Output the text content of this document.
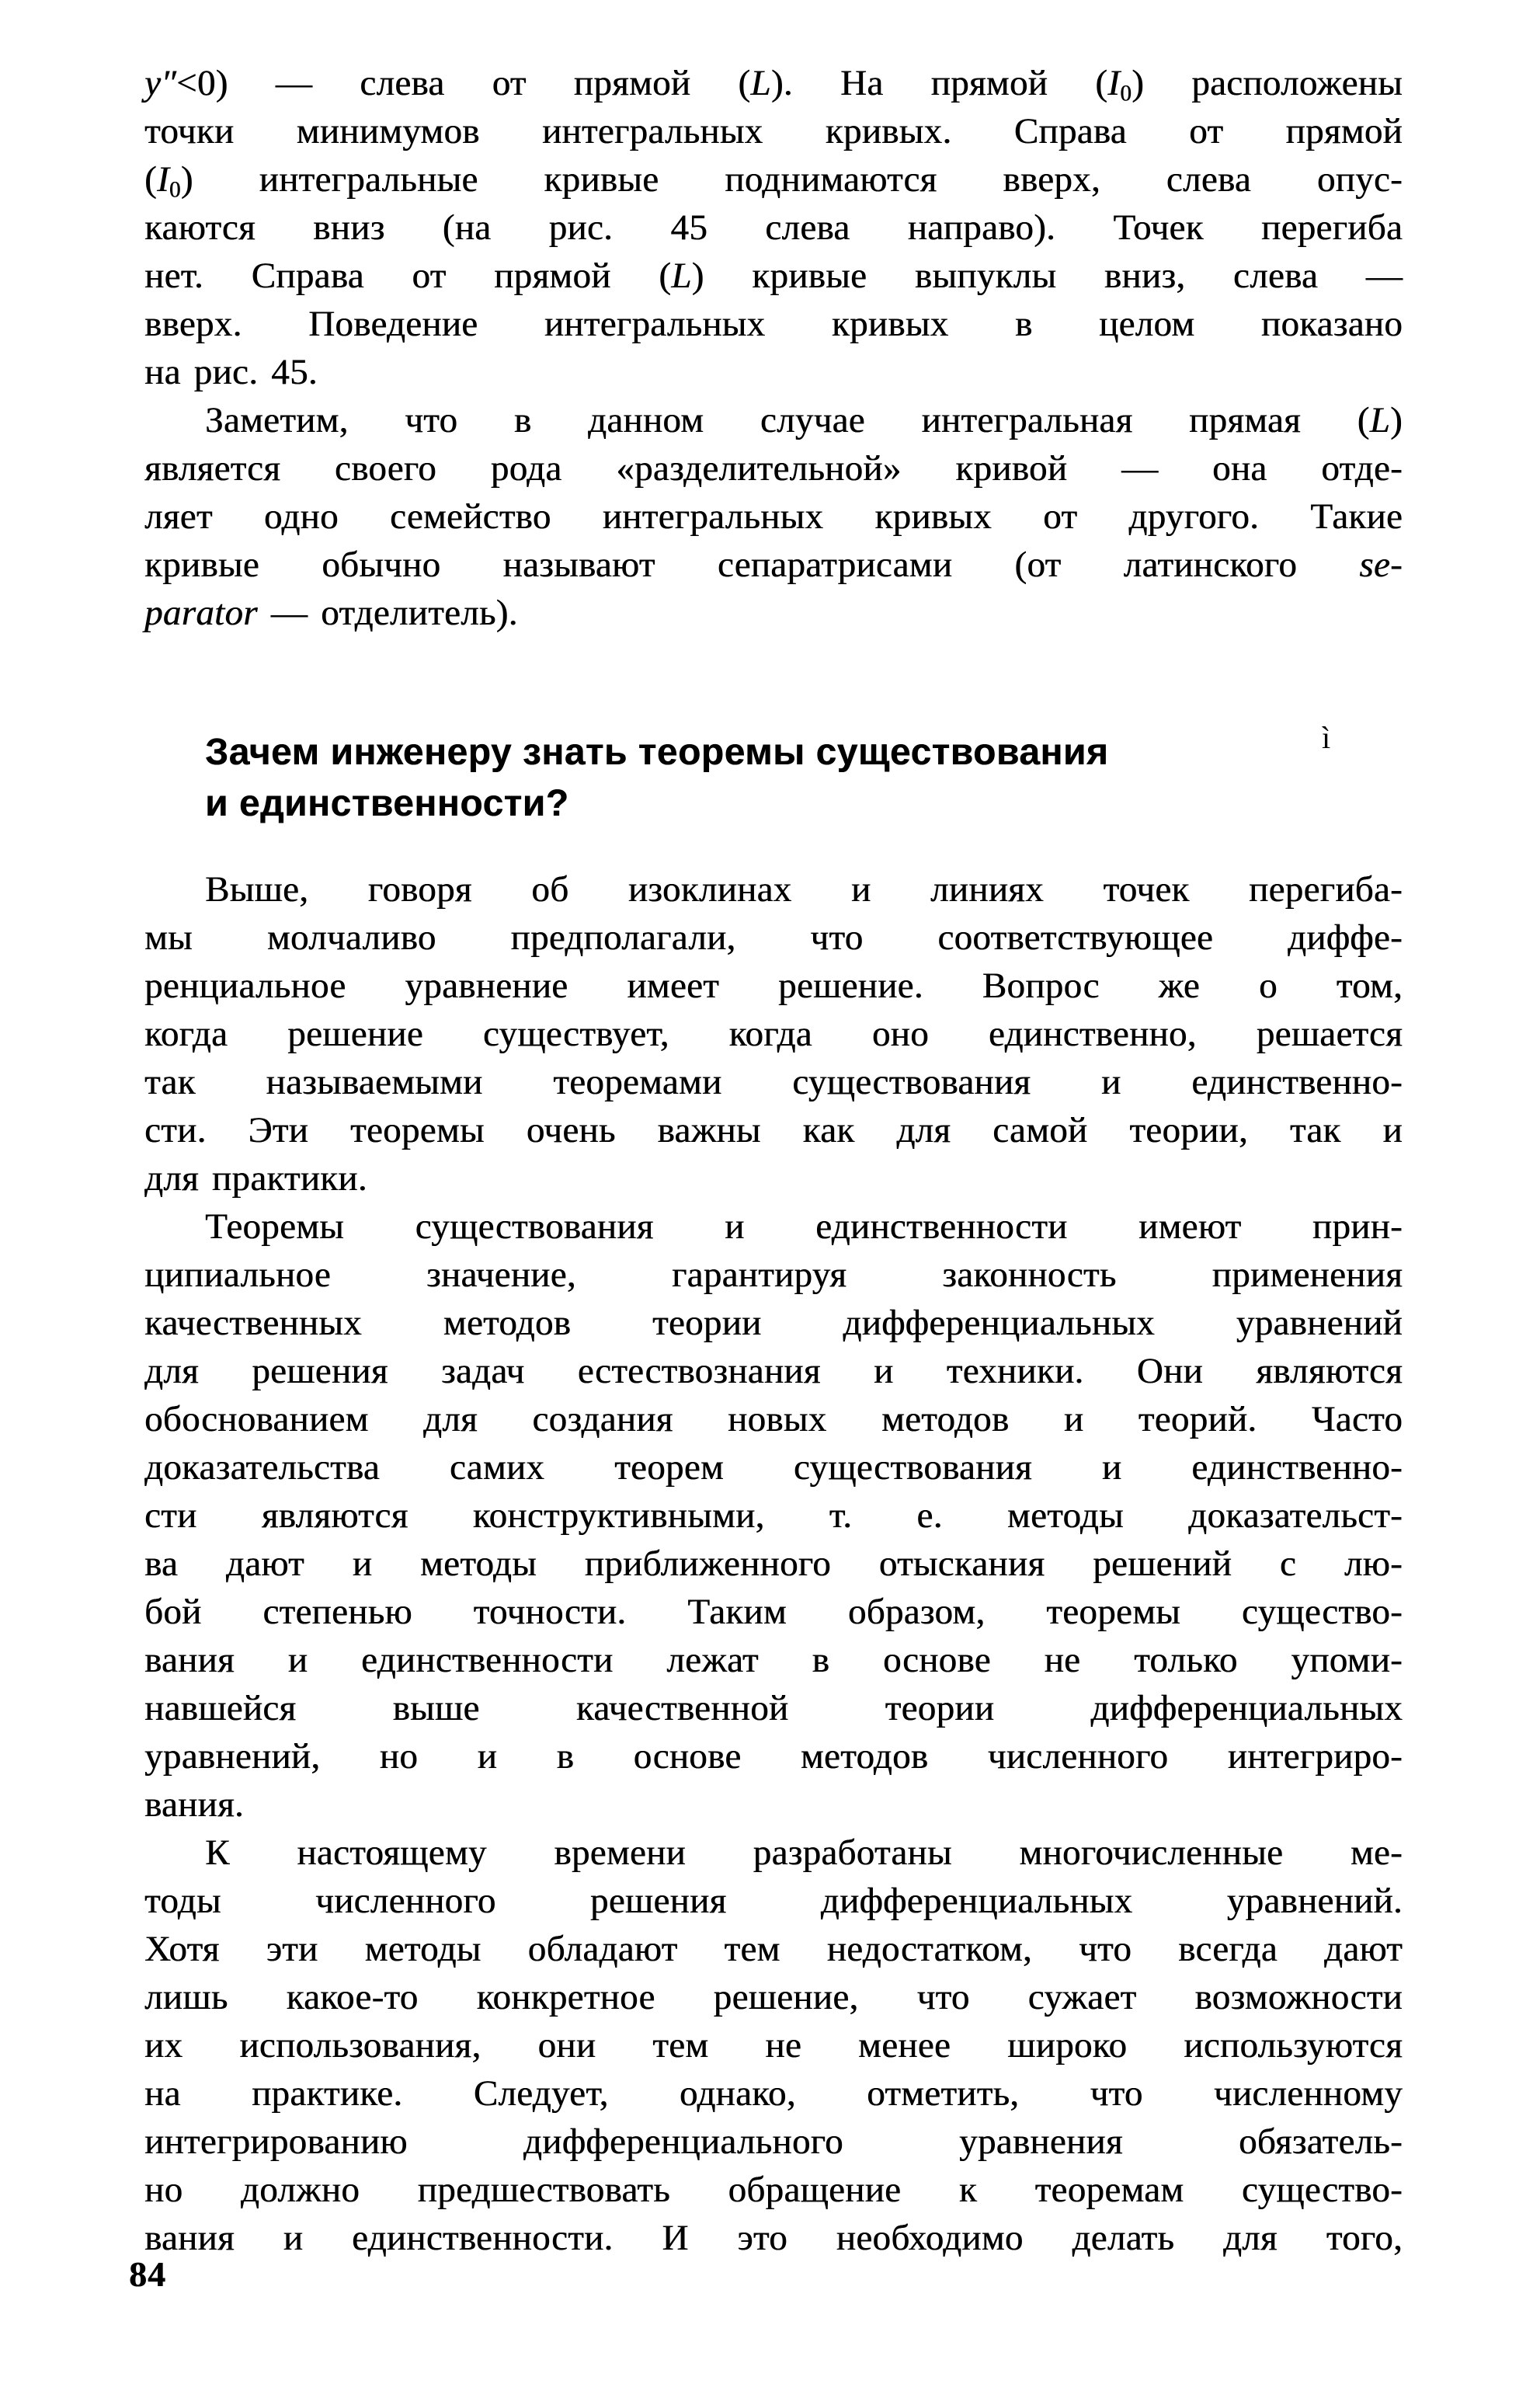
y″<0) — слева от прямой (L). На прямой $(I_0)$ расположены
точки минимумов интегральных кривых. Справа от прямой
$(I_0)$ интегральные кривые поднимаются вверх, слева опус-
каются вниз (на рис. 45 слева направо). Точек перегиба
нет. Справа от прямой (L) кривые выпуклы вниз, слева —
вверх. Поведение интегральных кривых в целом показано
на рис. 45.
Заметим, что в данном случае интегральная прямая (L)
является своего рода «разделительной» кривой — она отде-
ляет одно семейство интегральных кривых от другого. Такие
кривые обычно называют сепаратрисами (от латинского se-
parator — отделитель).
Зачем инженеру знать теоремы существования
и единственности?
Выше, говоря об изоклинах и линиях точек перегиба-
мы молчаливо предполагали, что соответствующее диффе-
ренциальное уравнение имеет решение. Вопрос же о том,
когда решение существует, когда оно единственно, решается
так называемыми теоремами существования и единственно-
сти. Эти теоремы очень важны как для самой теории, так и
для практики.
Теоремы существования и единственности имеют прин-
ципиальное значение, гарантируя законность применения
качественных методов теории дифференциальных уравнений
для решения задач естествознания и техники. Они являются
обоснованием для создания новых методов и теорий. Часто
доказательства самих теорем существования и единственно-
сти являются конструктивными, т. е. методы доказательст-
ва дают и методы приближенного отыскания решений с лю-
бой степенью точности. Таким образом, теоремы существо-
вания и единственности лежат в основе не только упоми-
навшейся выше качественной теории дифференциальных
уравнений, но и в основе методов численного интегриро-
вания.
К настоящему времени разработаны многочисленные ме-
тоды численного решения дифференциальных уравнений.
Хотя эти методы обладают тем недостатком, что всегда дают
лишь какое-то конкретное решение, что сужает возможности
их использования, они тем не менее широко используются
на практике. Следует, однако, отметить, что численному
интегрированию дифференциального уравнения обязатель-
но должно предшествовать обращение к теоремам существо-
вания и единственности. И это необходимо делать для того,
ì
84
